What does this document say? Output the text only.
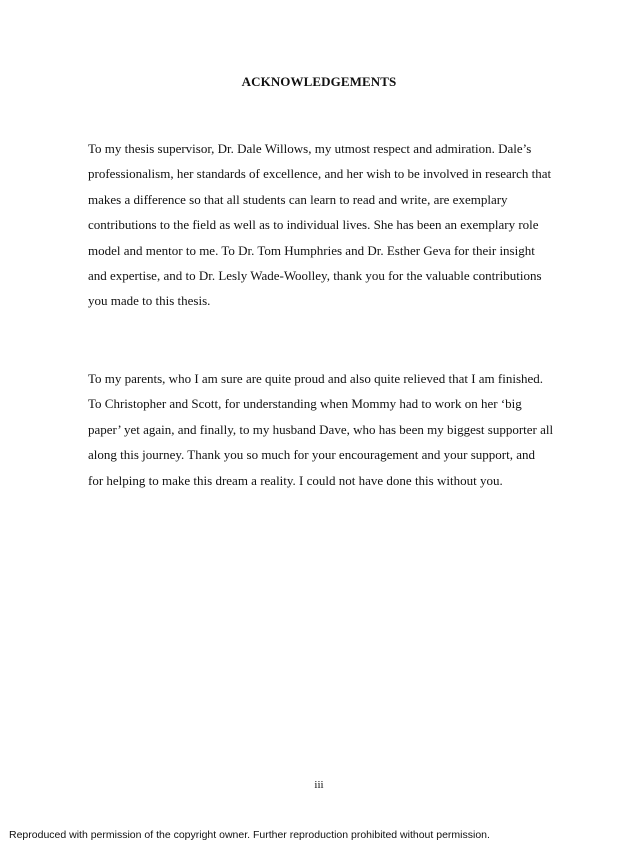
ACKNOWLEDGEMENTS

To my thesis supervisor, Dr. Dale Willows, my utmost respect and admiration. Dale’s
professionalism, her standards of excellence, and her wish to be involved in research that
makes a difference so that all students can learn to read and write, are exemplary
contributions to the field as well as to individual lives. She has been an exemplary role
model and mentor to me. To Dr. Tom Humphries and Dr. Esther Geva for their insight
and expertise, and to Dr. Lesly Wade-Woolley, thank you for the valuable contributions
you made to this thesis.

To my parents, who I am sure are quite proud and also quite relieved that I am finished.
To Christopher and Scott, for understanding when Mommy had to work on her ‘big
paper’ yet again, and finally, to my husband Dave, who has been my biggest supporter all
along this journey. Thank you so much for your encouragement and your support, and
for helping to make this dream a reality. I could not have done this without you.

iii
Reproduced with permission of the copyright owner. Further reproduction prohibited without permission.
